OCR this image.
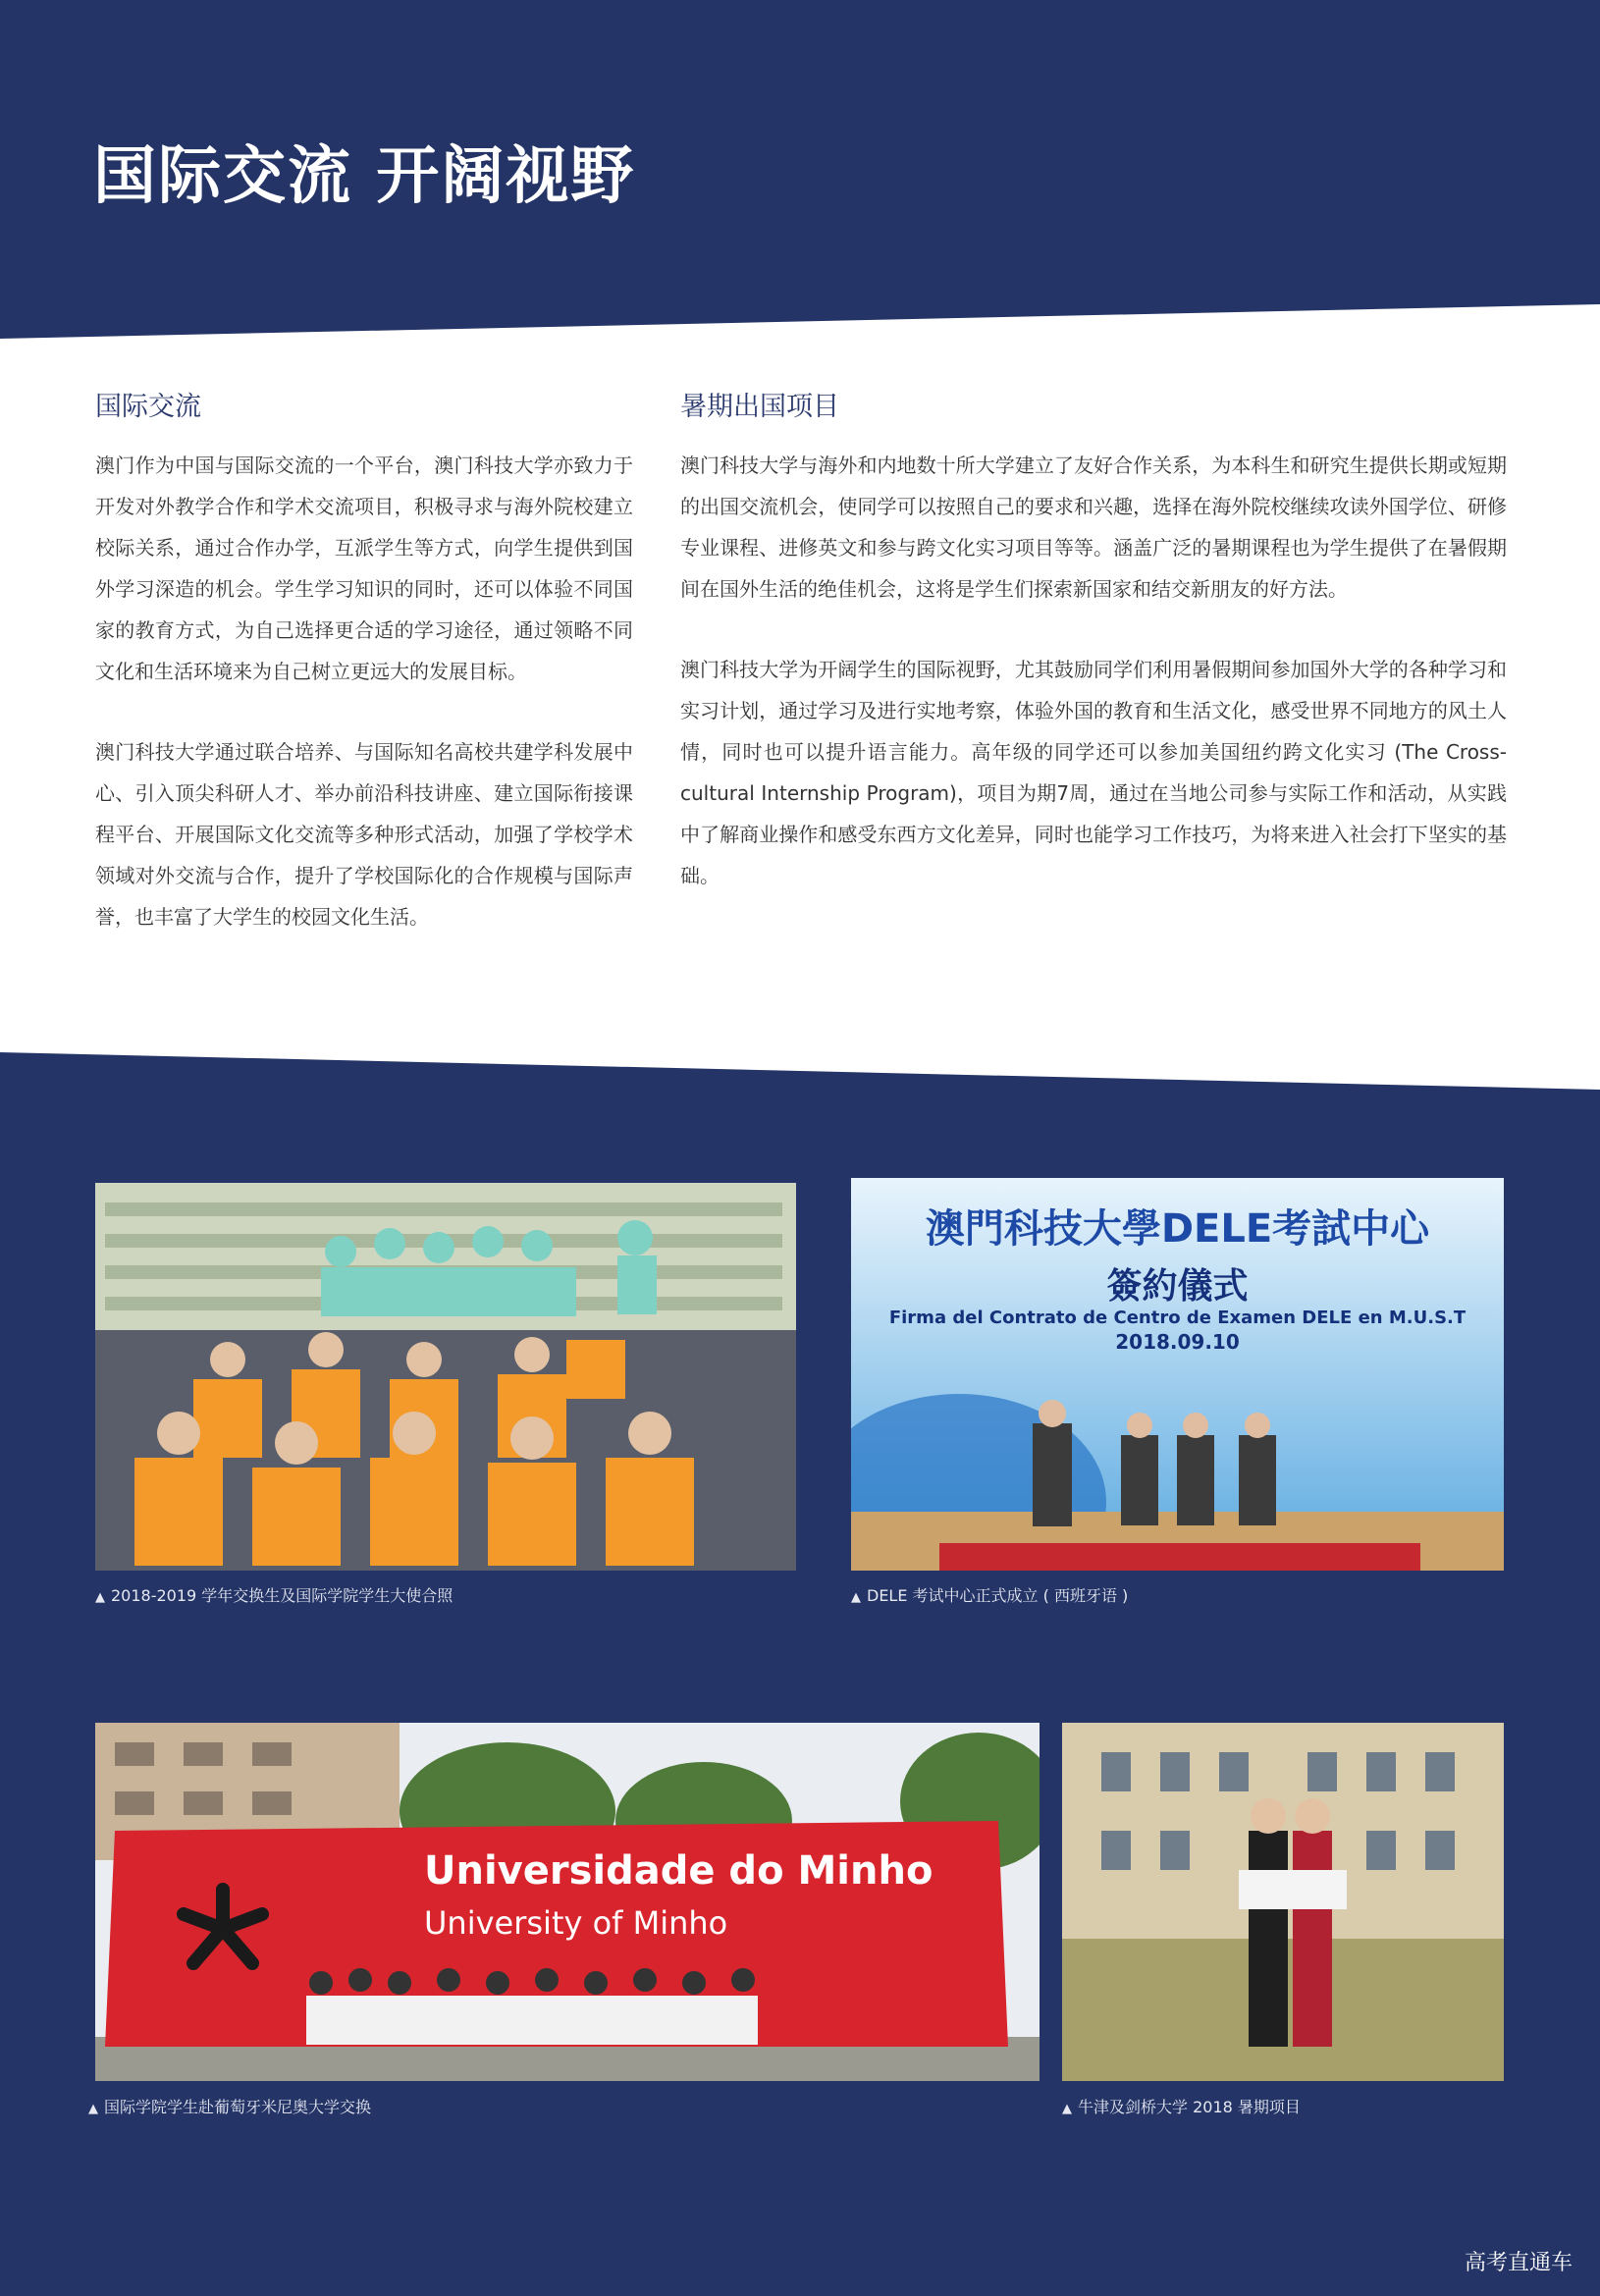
国际交流 开阔视野
国际交流

澳门作为中国与国际交流的一个平台，澳门科技大学亦致力于开发对外教学合作和学术交流项目，积极寻求与海外院校建立校际关系，通过合作办学，互派学生等方式，向学生提供到国外学习深造的机会。学生学习知识的同时，还可以体验不同国家的教育方式，为自己选择更合适的学习途径，通过领略不同文化和生活环境来为自己树立更远大的发展目标。

澳门科技大学通过联合培养、与国际知名高校共建学科发展中心、引入顶尖科研人才、举办前沿科技讲座、建立国际衔接课程平台、开展国际文化交流等多种形式活动，加强了学校学术领域对外交流与合作，提升了学校国际化的合作规模与国际声誉，也丰富了大学生的校园文化生活。

暑期出国项目

澳门科技大学与海外和内地数十所大学建立了友好合作关系，为本科生和研究生提供长期或短期的出国交流机会，使同学可以按照自己的要求和兴趣，选择在海外院校继续攻读外国学位、研修专业课程、进修英文和参与跨文化实习项目等等。涵盖广泛的暑期课程也为学生提供了在暑假期间在国外生活的绝佳机会，这将是学生们探索新国家和结交新朋友的好方法。

澳门科技大学为开阔学生的国际视野，尤其鼓励同学们利用暑假期间参加国外大学的各种学习和实习计划，通过学习及进行实地考察，体验外国的教育和生活文化，感受世界不同地方的风土人情，同时也可以提升语言能力。高年级的同学还可以参加美国纽约跨文化实习 (The Cross-cultural Internship Program)，项目为期7周，通过在当地公司参与实际工作和活动，从实践中了解商业操作和感受东西方文化差异，同时也能学习工作技巧，为将来进入社会打下坚实的基础。

▲ 2018-2019 学年交换生及国际学院学生大使合照
澳門科技大學DELE考試中心
簽約儀式
Firma del Contrato de Centro de Examen DELE en M.U.S.T
2018.09.10
▲ DELE 考试中心正式成立 ( 西班牙语 )
Universidade do Minho
University of Minho
▲ 国际学院学生赴葡萄牙米尼奥大学交换	▲ 牛津及剑桥大学 2018 暑期项目
高考直通车
